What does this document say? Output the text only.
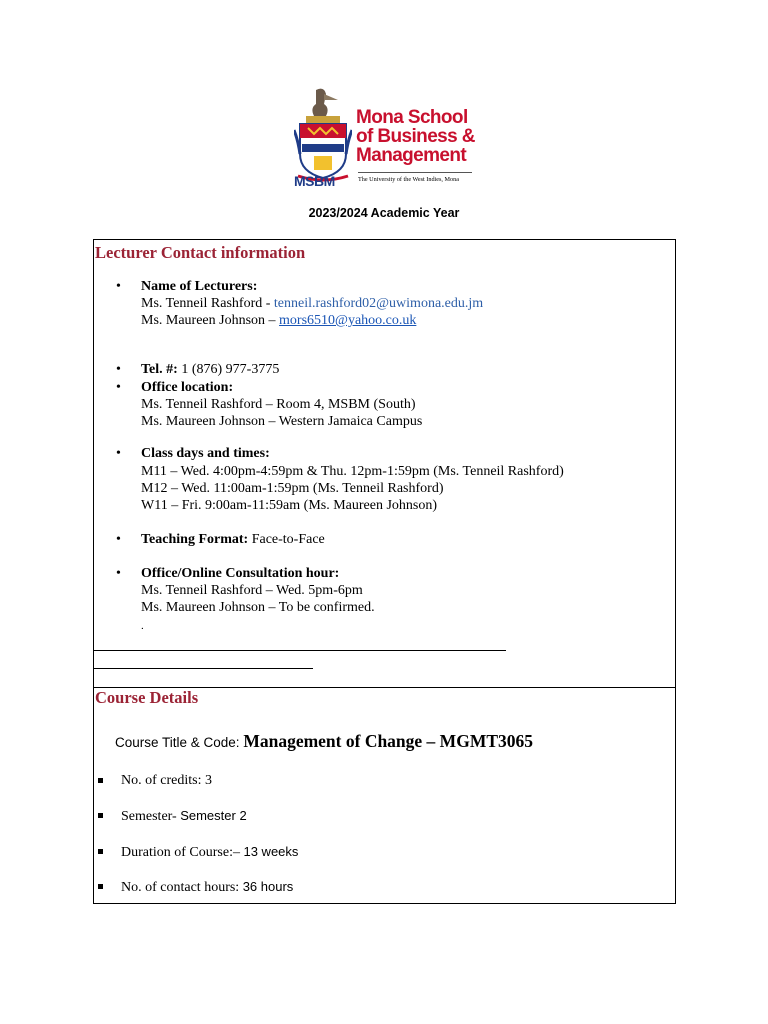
Mona School
of Business &
Management
MSBM	The University of the West Indies, Mona
2023/2024 Academic Year
Lecturer Contact information
• Name of Lecturers:
Ms. Tenneil Rashford - tenneil.rashford02@uwimona.edu.jm
Ms. Maureen Johnson – mors6510@yahoo.co.uk
• Tel. #: 1 (876) 977-3775
• Office location:
Ms. Tenneil Rashford – Room 4, MSBM (South)
Ms. Maureen Johnson – Western Jamaica Campus
• Class days and times:
M11 – Wed. 4:00pm-4:59pm & Thu. 12pm-1:59pm (Ms. Tenneil Rashford)
M12 – Wed. 11:00am-1:59pm (Ms. Tenneil Rashford)
W11 – Fri. 9:00am-11:59am (Ms. Maureen Johnson)
• Teaching Format: Face-to-Face
• Office/Online Consultation hour:
Ms. Tenneil Rashford – Wed. 5pm-6pm
Ms. Maureen Johnson – To be confirmed.
.
Course Details
Course Title & Code: Management of Change – MGMT3065
No. of credits: 3
Semester- Semester 2
Duration of Course:– 13 weeks
No. of contact hours: 36 hours
